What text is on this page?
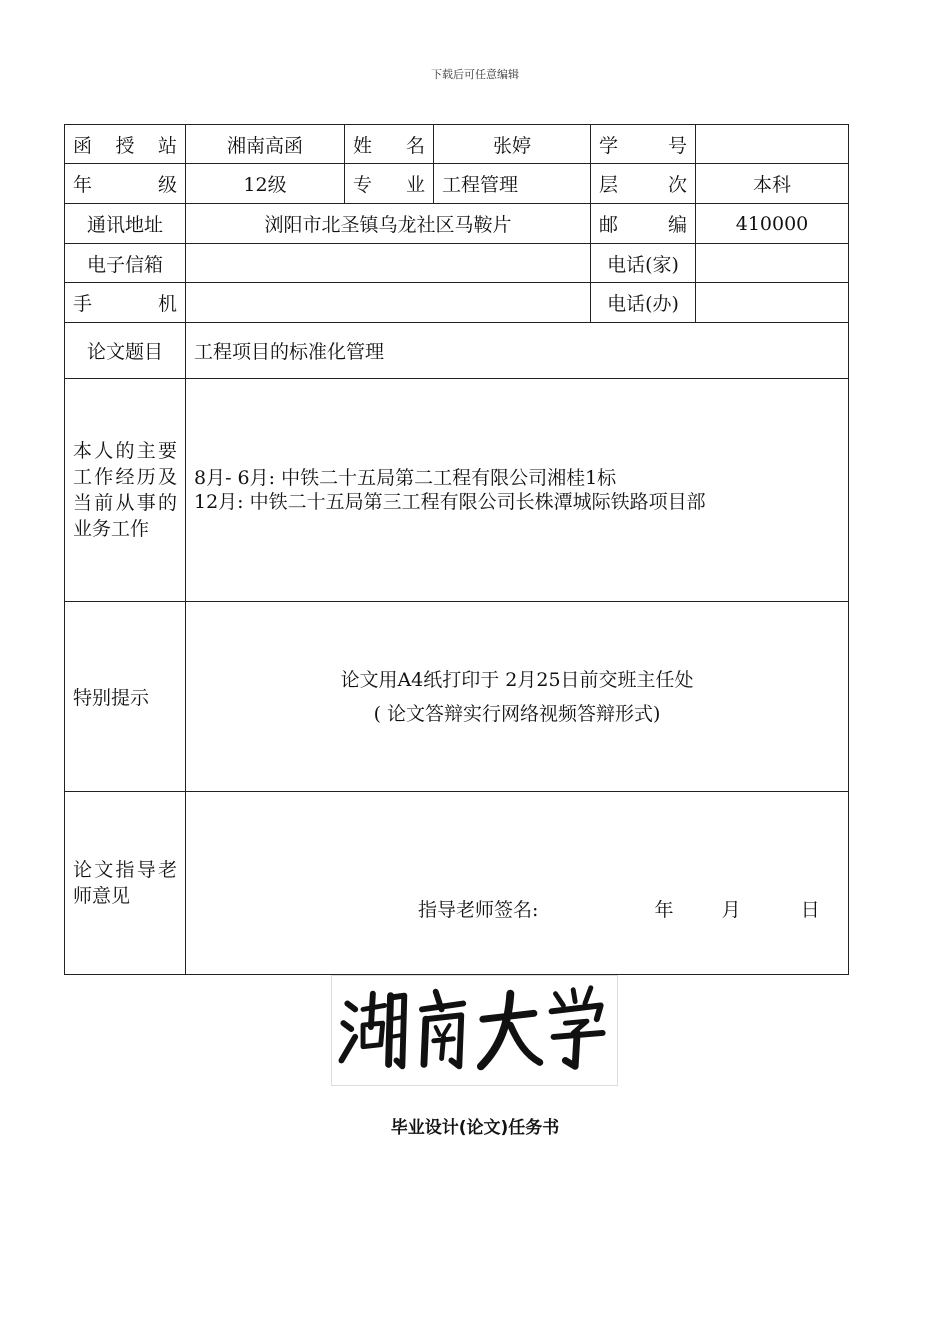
下载后可任意编辑
函 授 站	湘南高函	姓 名	张婷	学 号	
年 级	12级	专 业	工程管理	层 次	本科
通讯地址	浏阳市北圣镇乌龙社区马鞍片			邮 编	410000
电子信箱				电话(家)	
手 机				电话(办)	
论文题目	工程项目的标准化管理				
本人的主要工作经历及当前从事的业务工作	8月- 6月: 中铁二十五局第二工程有限公司湘桂1标
12月: 中铁二十五局第三工程有限公司长株潭城际铁路项目部				

特别提示	论文用A4纸打印于 2月25日前交班主任处
( 论文答辩实行网络视频答辩形式)				

论文指导老师意见	指导老师签名: 年 月 日				
毕业设计(论文)任务书
